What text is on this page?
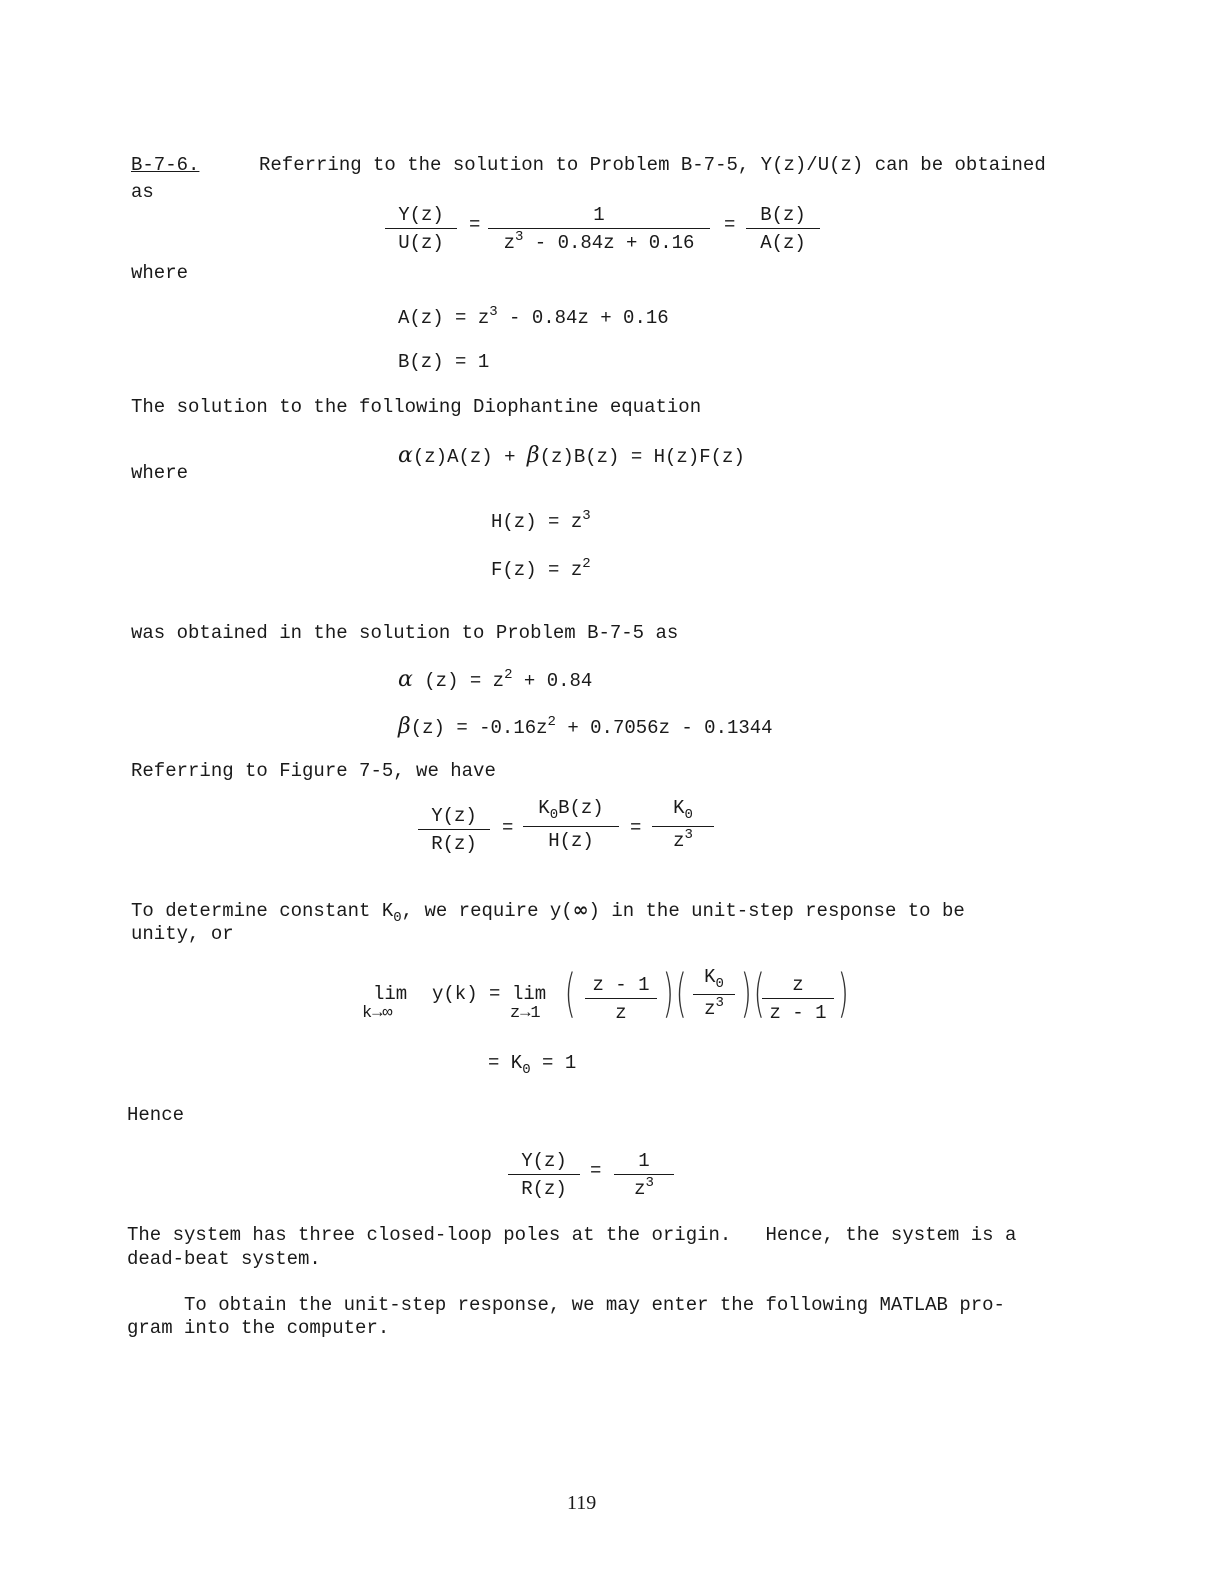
B-7-6.	Referring to the solution to Problem B-7-5, Y(z)/U(z) can be obtained
as
Y(z)
U(z)
=	1
$z^3 - 0.84z + 0.16$
= B(z)
A(z)
where
$A(z) = z^3 - 0.84z + 0.16$
B(z) = 1
The solution to the following Diophantine equation
α(z)A(z) + β(z)B(z) = H(z)F(z)
where
$H(z) = z^3$
$F(z) = z^2$
was obtained in the solution to Problem B-7-5 as
α $(z) = z^2 + 0.84$
$\beta(z) = -0.16z^2 + 0.7056z - 0.1344$
Referring to Figure 7-5, we have
Y(z)
R(z)
=
$K_0B(z)$
H(z)
=
$K_0$
$z^3$
To determine constant $K_0$, we require y(∞) in the unit-step response to be
unity, or
lim
k→∞
y(k) = lim
z→1 ( z - 1
z ) ( $K_0$
$z^3$ ) ( z
z - 1 )
= $K_0 = 1$
Hence
Y(z)
R(z)
= 1
$z^3$
The system has three closed-loop poles at the origin.   Hence, the system is a
dead-beat system.
To obtain the unit-step response, we may enter the following MATLAB pro-
gram into the computer.
119
